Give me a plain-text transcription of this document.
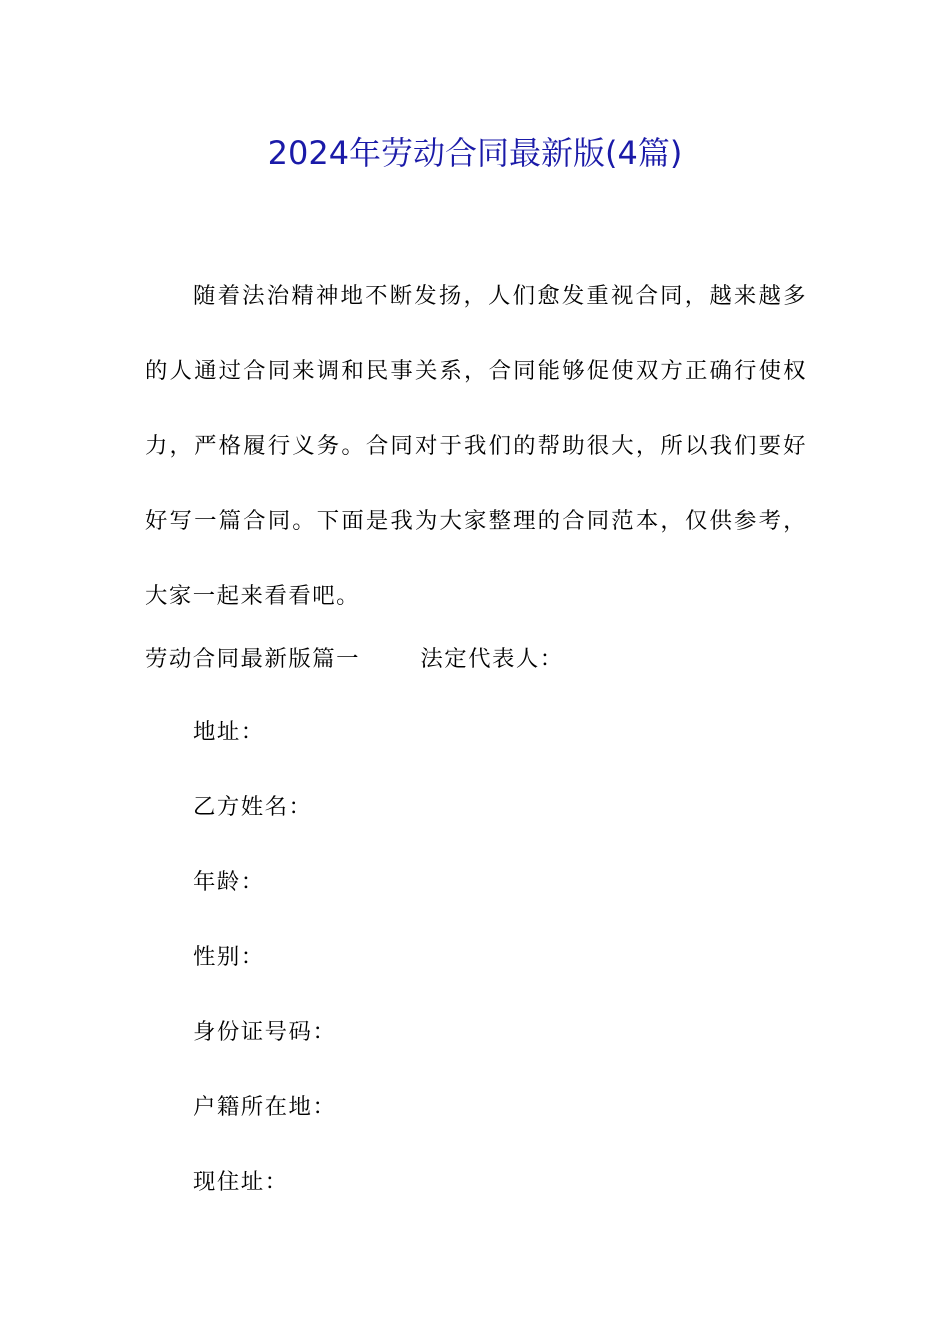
2024年劳动合同最新版(4篇)

随着法治精神地不断发扬，人们愈发重视合同，越来越多的人通过合同来调和民事关系，合同能够促使双方正确行使权力，严格履行义务。合同对于我们的帮助很大，所以我们要好好写一篇合同。下面是我为大家整理的合同范本，仅供参考，大家一起来看看吧。

劳动合同最新版篇一	法定代表人：

地址：

乙方姓名：

年龄：

性别：

身份证号码：

户籍所在地：

现住址：
